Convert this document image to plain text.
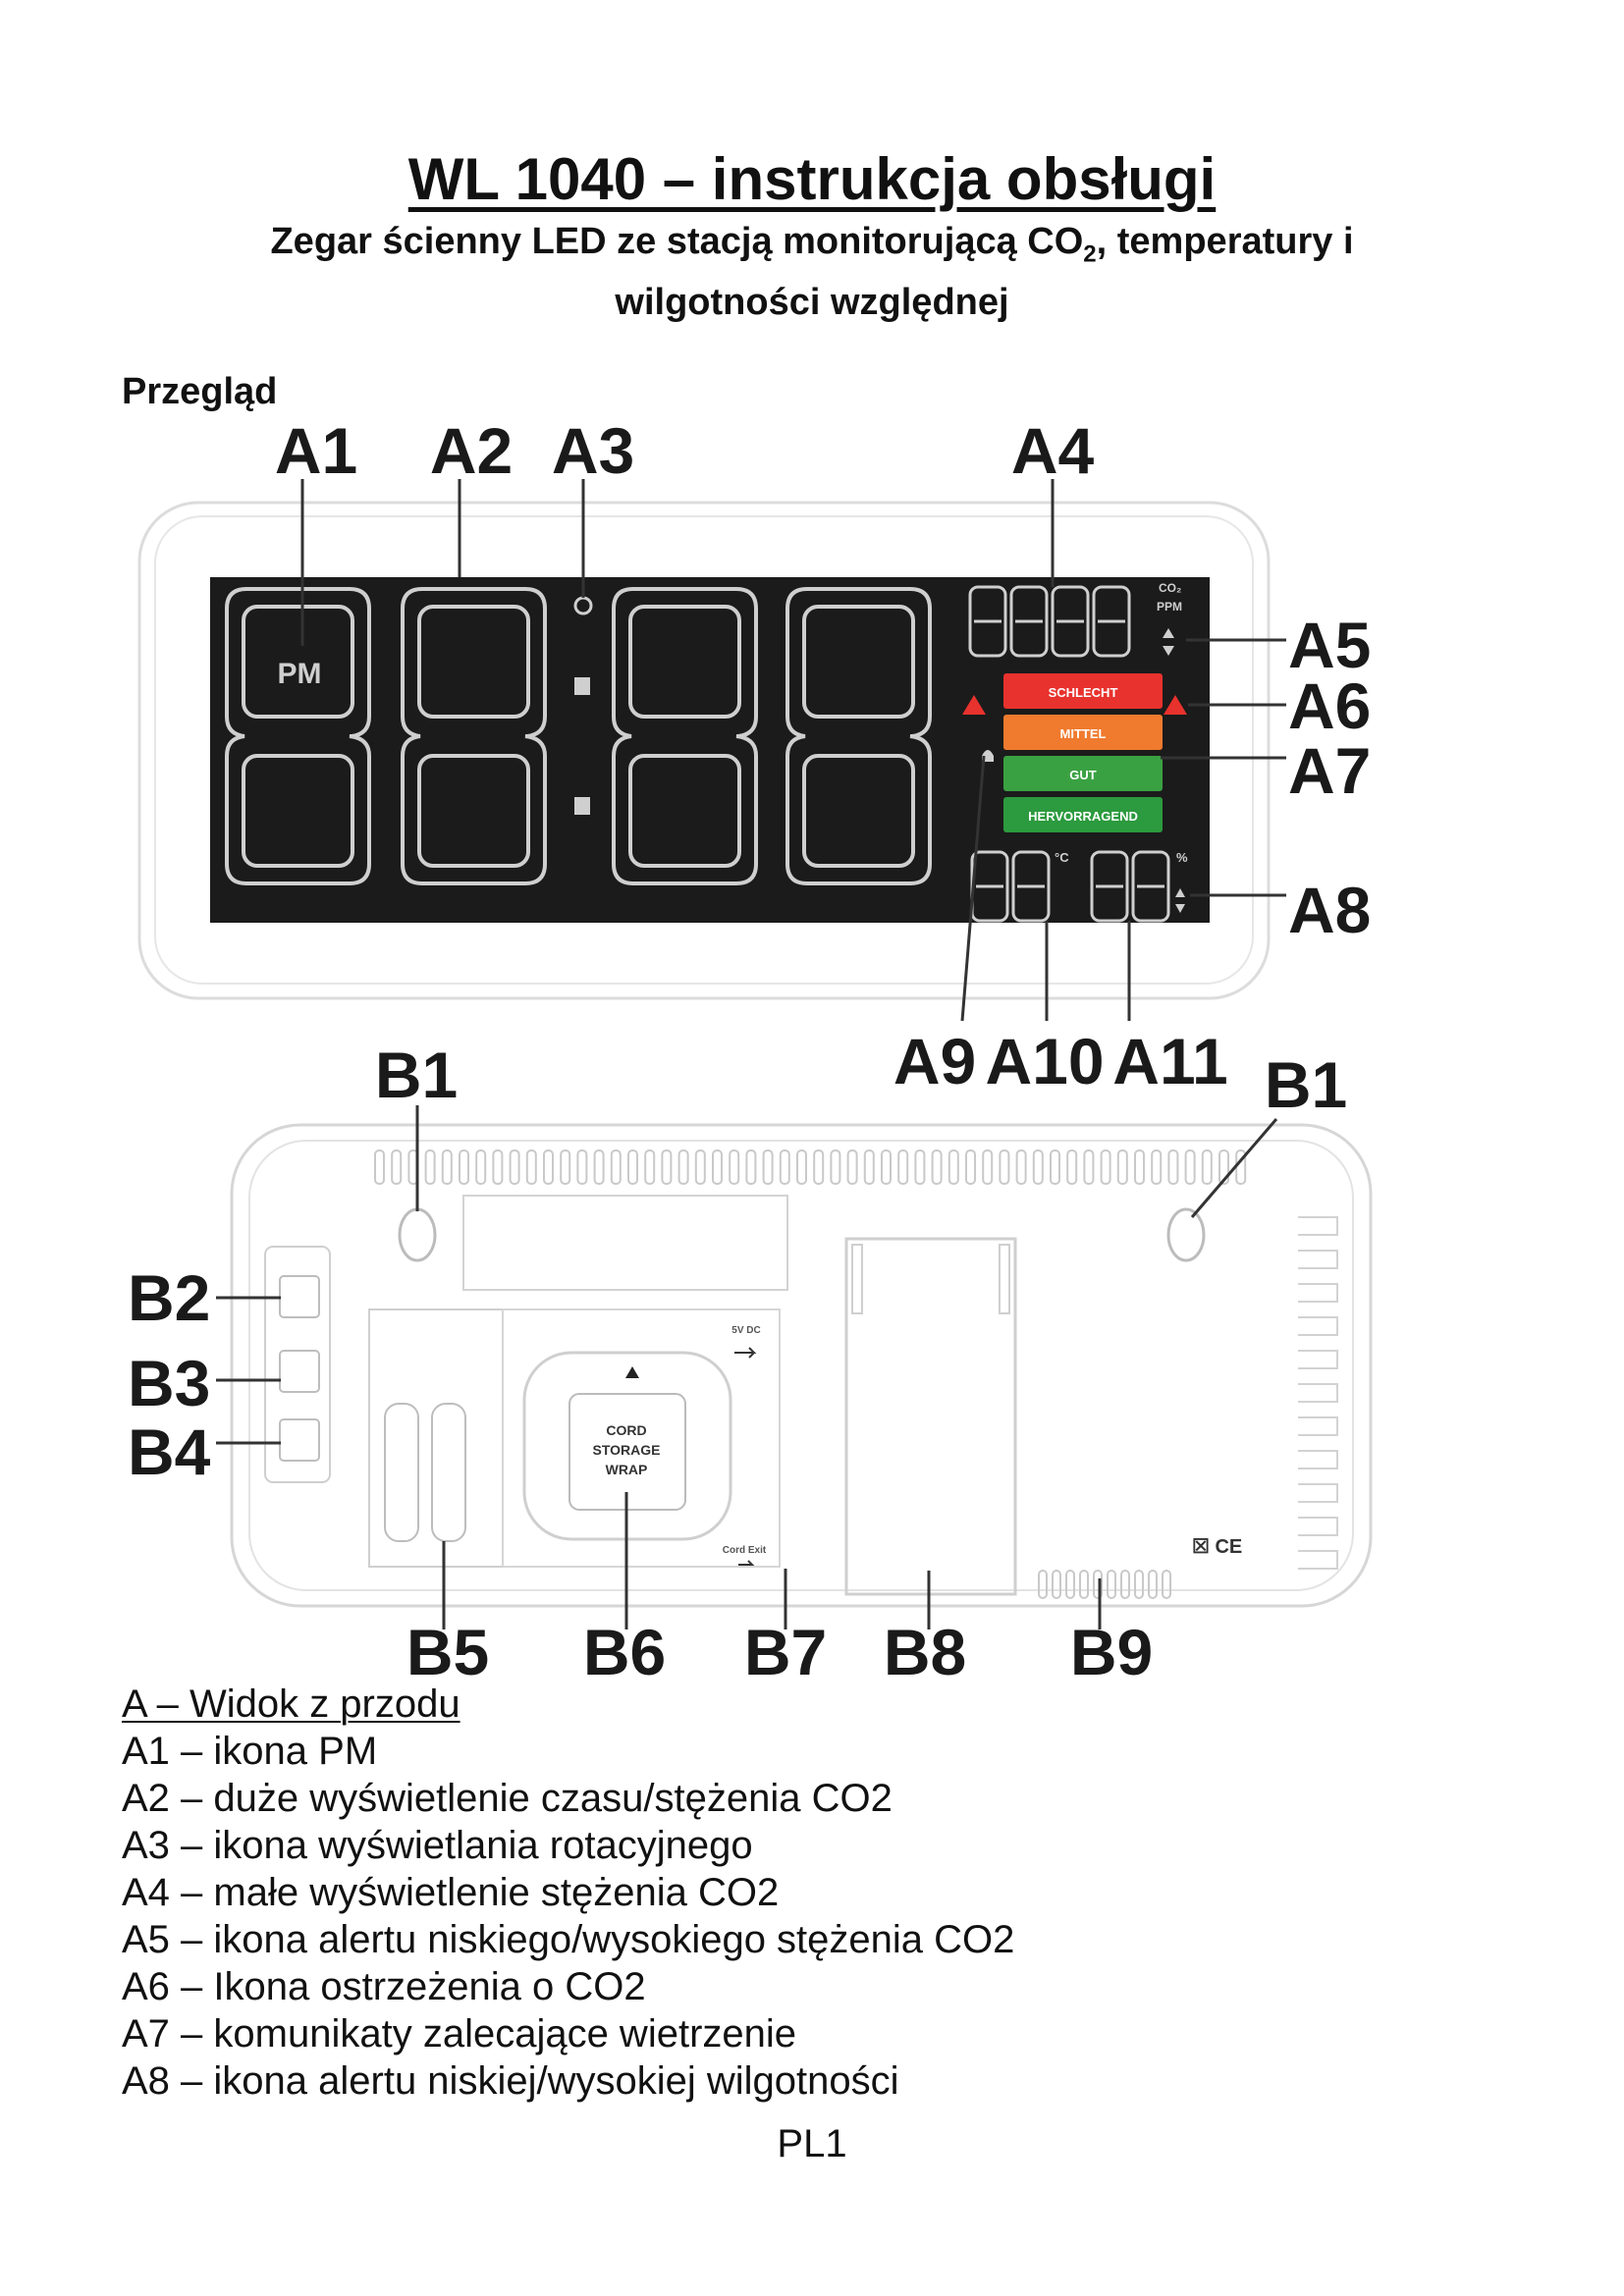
WL 1040 – instrukcja obsługi
Zegar ścienny LED ze stacją monitorującą $CO_2$, temperatury i
wilgotności względnej
Przegląd
PM
CO₂
PPM
SCHLECHT
MITTEL
GUT
HERVORRAGEND
°C	%
A1 A2 A3	A4
A5
A6
A7
A8
A9 A10 A11
CORD
STORAGE
WRAP
5V DC
Cord Exit	☒ CE
B1	B1
B2
B3
B4
B5 B6 B7 B8 B9
A – Widok z przodu
A1 – ikona PM
A2 – duże wyświetlenie czasu/stężenia CO2
A3 – ikona wyświetlania rotacyjnego
A4 – małe wyświetlenie stężenia CO2
A5 – ikona alertu niskiego/wysokiego stężenia CO2
A6 – Ikona ostrzeżenia o CO2
A7 – komunikaty zalecające wietrzenie
A8 – ikona alertu niskiej/wysokiej wilgotności
PL1
